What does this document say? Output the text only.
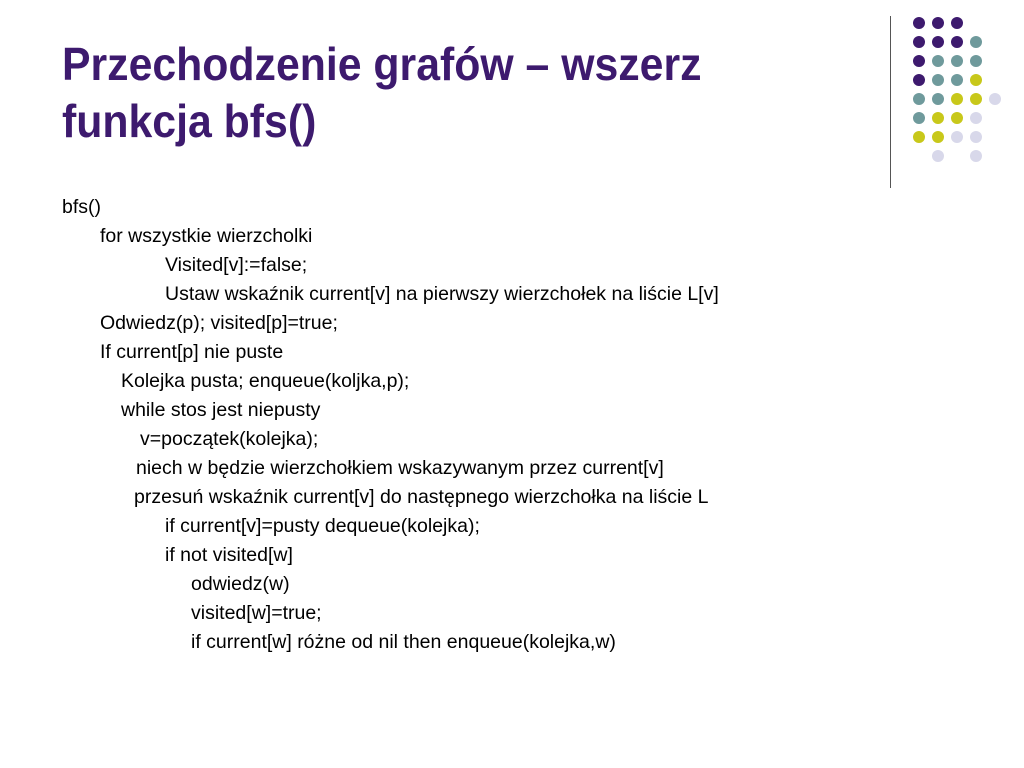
Przechodzenie grafów – wszerz
funkcja bfs()
bfs()
for wszystkie wierzcholki
Visited[v]:=false;
Ustaw wskaźnik current[v] na pierwszy wierzchołek na liście L[v]
Odwiedz(p); visited[p]=true;
If current[p] nie puste
Kolejka pusta; enqueue(koljka,p);
while stos jest niepusty
v=początek(kolejka);
niech w będzie wierzchołkiem wskazywanym przez current[v]
przesuń wskaźnik current[v] do następnego wierzchołka na liście L
if current[v]=pusty dequeue(kolejka);
if not visited[w]
odwiedz(w)
visited[w]=true;
if current[w] różne od nil then enqueue(kolejka,w)
